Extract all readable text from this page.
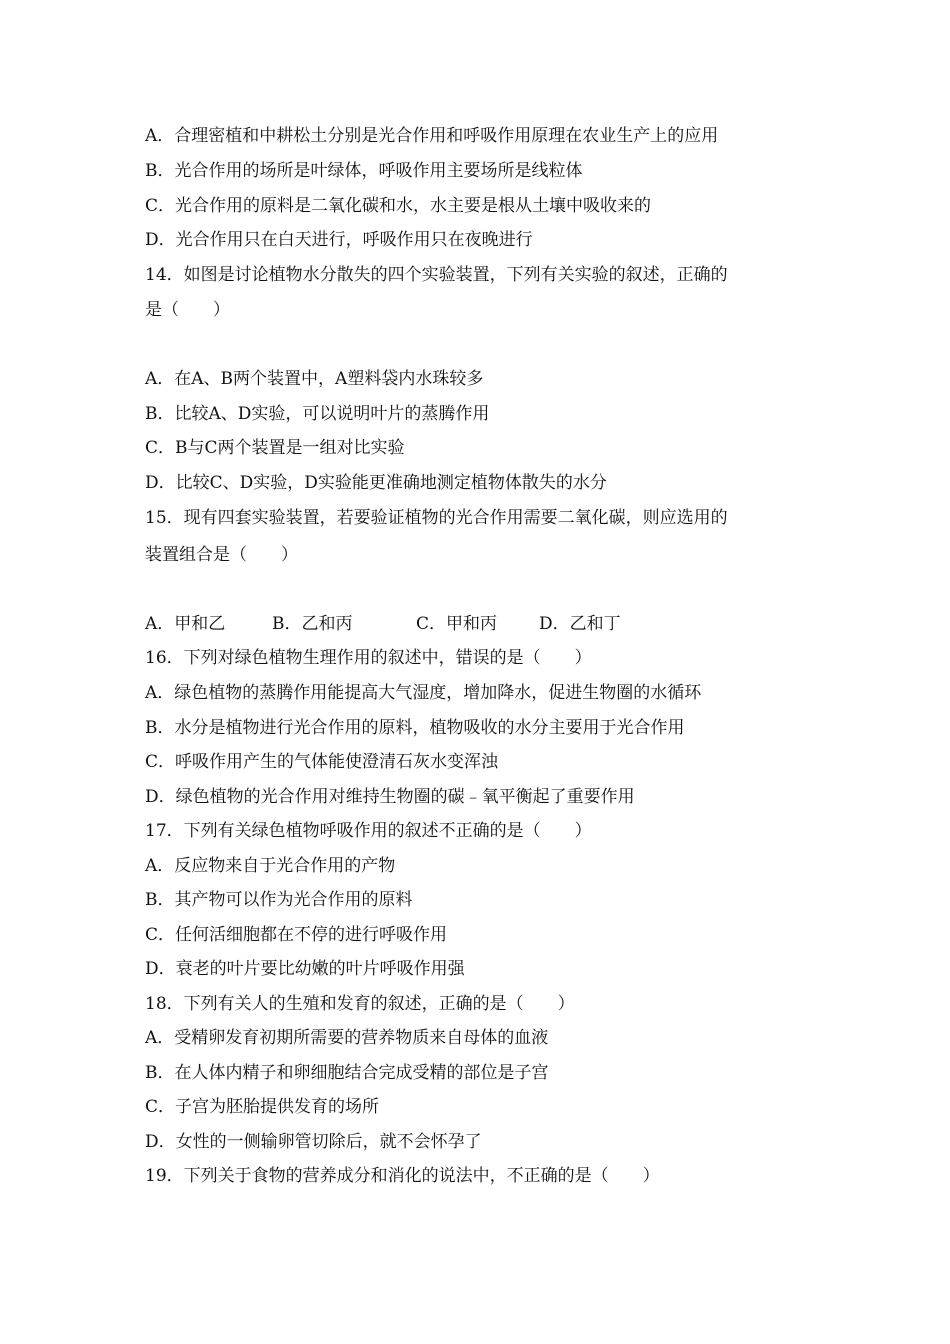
A．合理密植和中耕松土分别是光合作用和呼吸作用原理在农业生产上的应用
B．光合作用的场所是叶绿体，呼吸作用主要场所是线粒体
C．光合作用的原料是二氧化碳和水，水主要是根从土壤中吸收来的
D．光合作用只在白天进行，呼吸作用只在夜晚进行
14．如图是讨论植物水分散失的四个实验装置，下列有关实验的叙述，正确的
是（　　）
A．在A、B两个装置中，A塑料袋内水珠较多
B．比较A、D实验，可以说明叶片的蒸腾作用
C．B与C两个装置是一组对比实验
D．比较C、D实验，D实验能更准确地测定植物体散失的水分
15．现有四套实验装置，若要验证植物的光合作用需要二氧化碳，则应选用的
装置组合是（　　）
A．甲和乙	B．乙和丙	C．甲和丙 D．乙和丁
16．下列对绿色植物生理作用的叙述中，错误的是（　　）
A．绿色植物的蒸腾作用能提高大气湿度，增加降水，促进生物圈的水循环
B．水分是植物进行光合作用的原料，植物吸收的水分主要用于光合作用
C．呼吸作用产生的气体能使澄清石灰水变浑浊
D．绿色植物的光合作用对维持生物圈的碳﹣氧平衡起了重要作用
17．下列有关绿色植物呼吸作用的叙述不正确的是（　　）
A．反应物来自于光合作用的产物
B．其产物可以作为光合作用的原料
C．任何活细胞都在不停的进行呼吸作用
D．衰老的叶片要比幼嫩的叶片呼吸作用强
18．下列有关人的生殖和发育的叙述，正确的是（　　）
A．受精卵发育初期所需要的营养物质来自母体的血液
B．在人体内精子和卵细胞结合完成受精的部位是子宫
C．子宫为胚胎提供发育的场所
D．女性的一侧输卵管切除后，就不会怀孕了
19．下列关于食物的营养成分和消化的说法中，不正确的是（　　）
